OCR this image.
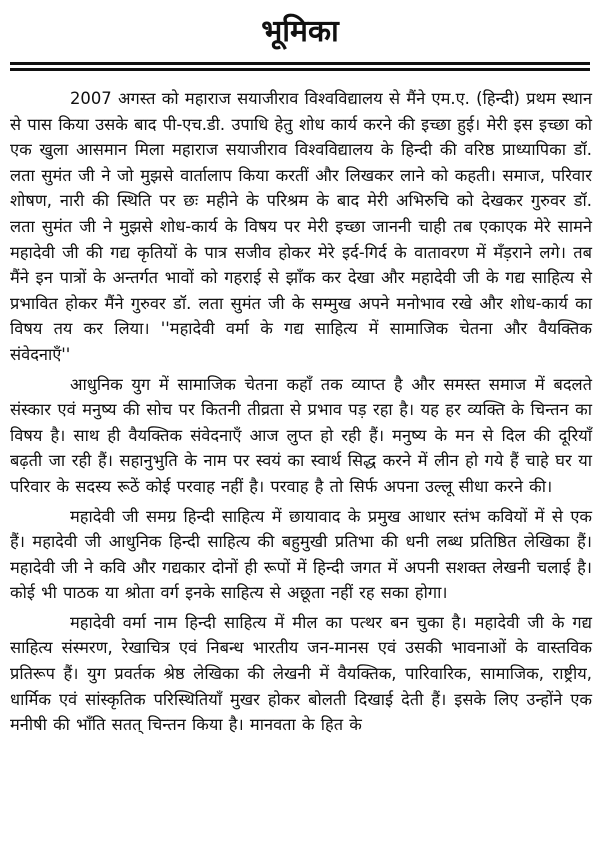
भूमिका

2007 अगस्त को महाराज सयाजीराव विश्वविद्यालय से मैंने एम.ए. (हिन्दी) प्रथम स्थान से पास किया उसके बाद पी-एच.डी. उपाधि हेतु शोध कार्य करने की इच्छा हुई। मेरी इस इच्छा को एक खुला आसमान मिला महाराज सयाजीराव विश्वविद्यालय के हिन्दी की वरिष्ठ प्राध्यापिका डॉ. लता सुमंत जी ने जो मुझसे वार्तालाप किया करतीं और लिखकर लाने को कहती। समाज, परिवार शोषण, नारी की स्थिति पर छः महीने के परिश्रम के बाद मेरी अभिरुचि को देखकर गुरुवर डॉ. लता सुमंत जी ने मुझसे शोध-कार्य के विषय पर मेरी इच्छा जाननी चाही तब एकाएक मेरे सामने महादेवी जी की गद्य कृतियों के पात्र सजीव होकर मेरे इर्द-गिर्द के वातावरण में मँड़राने लगे। तब मैंने इन पात्रों के अन्तर्गत भावों को गहराई से झाँक कर देखा और महादेवी जी के गद्य साहित्य से प्रभावित होकर मैंने गुरुवर डॉ. लता सुमंत जी के सम्मुख अपने मनोभाव रखे और शोध-कार्य का विषय तय कर लिया। ''महादेवी वर्मा के गद्य साहित्य में सामाजिक चेतना और वैयक्तिक संवेदनाएँ''

आधुनिक युग में सामाजिक चेतना कहाँ तक व्याप्त है और समस्त समाज में बदलते संस्कार एवं मनुष्य की सोच पर कितनी तीव्रता से प्रभाव पड़ रहा है। यह हर व्यक्ति के चिन्तन का विषय है। साथ ही वैयक्तिक संवेदनाएँ आज लुप्त हो रही हैं। मनुष्य के मन से दिल की दूरियाँ बढ़ती जा रही हैं। सहानुभुति के नाम पर स्वयं का स्वार्थ सिद्ध करने में लीन हो गये हैं चाहे घर या परिवार के सदस्य रूठें कोई परवाह नहीं है। परवाह है तो सिर्फ अपना उल्लू सीधा करने की।

महादेवी जी समग्र हिन्दी साहित्य में छायावाद के प्रमुख आधार स्तंभ कवियों में से एक हैं। महादेवी जी आधुनिक हिन्दी साहित्य की बहुमुखी प्रतिभा की धनी लब्ध प्रतिष्ठित लेखिका हैं। महादेवी जी ने कवि और गद्यकार दोनों ही रूपों में हिन्दी जगत में अपनी सशक्त लेखनी चलाई है। कोई भी पाठक या श्रोता वर्ग इनके साहित्य से अछूता नहीं रह सका होगा।

महादेवी वर्मा नाम हिन्दी साहित्य में मील का पत्थर बन चुका है। महादेवी जी के गद्य साहित्य संस्मरण, रेखाचित्र एवं निबन्ध भारतीय जन-मानस एवं उसकी भावनाओं के वास्तविक प्रतिरूप हैं। युग प्रवर्तक श्रेष्ठ लेखिका की लेखनी में वैयक्तिक, पारिवारिक, सामाजिक, राष्ट्रीय, धार्मिक एवं सांस्कृतिक परिस्थितियाँ मुखर होकर बोलती दिखाई देती हैं। इसके लिए उन्होंने एक मनीषी की भाँति सतत् चिन्तन किया है। मानवता के हित के
